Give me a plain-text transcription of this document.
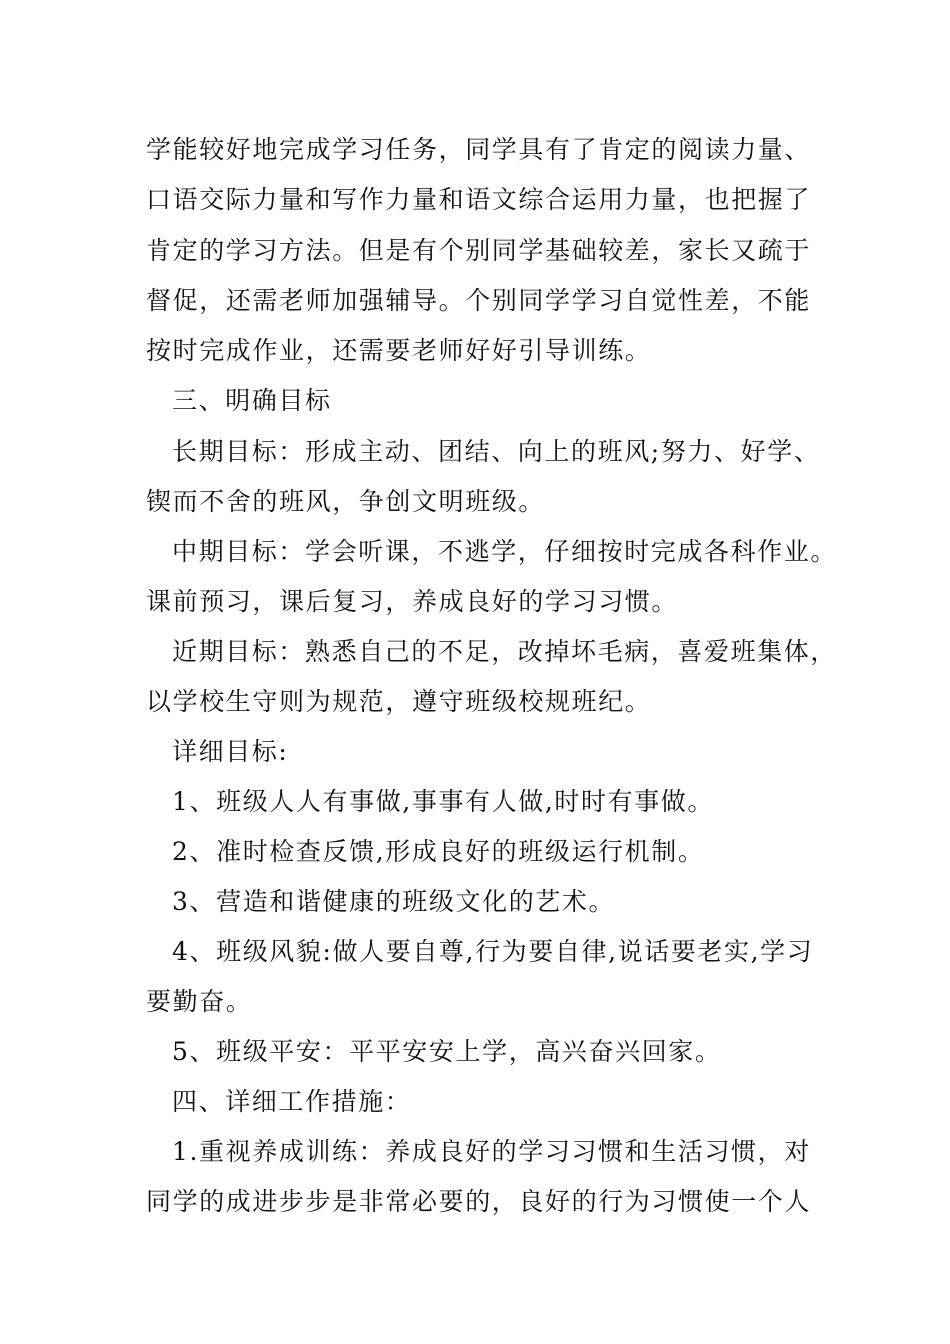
学能较好地完成学习任务，同学具有了肯定的阅读力量、
口语交际力量和写作力量和语文综合运用力量，也把握了
肯定的学习方法。但是有个别同学基础较差，家长又疏于
督促，还需老师加强辅导。个别同学学习自觉性差，不能
按时完成作业，还需要老师好好引导训练。
三、明确目标
长期目标：形成主动、团结、向上的班风;努力、好学、
锲而不舍的班风，争创文明班级。
中期目标：学会听课，不逃学，仔细按时完成各科作业。
课前预习，课后复习，养成良好的学习习惯。
近期目标：熟悉自己的不足，改掉坏毛病，喜爱班集体，
以学校生守则为规范，遵守班级校规班纪。
详细目标:
1、班级人人有事做,事事有人做,时时有事做。
2、准时检查反馈,形成良好的班级运行机制。
3、营造和谐健康的班级文化的艺术。
4、班级风貌:做人要自尊,行为要自律,说话要老实,学习
要勤奋。
5、班级平安：平平安安上学，高兴奋兴回家。
四、详细工作措施：
1.重视养成训练：养成良好的学习习惯和生活习惯，对
同学的成进步步是非常必要的，良好的行为习惯使一个人
